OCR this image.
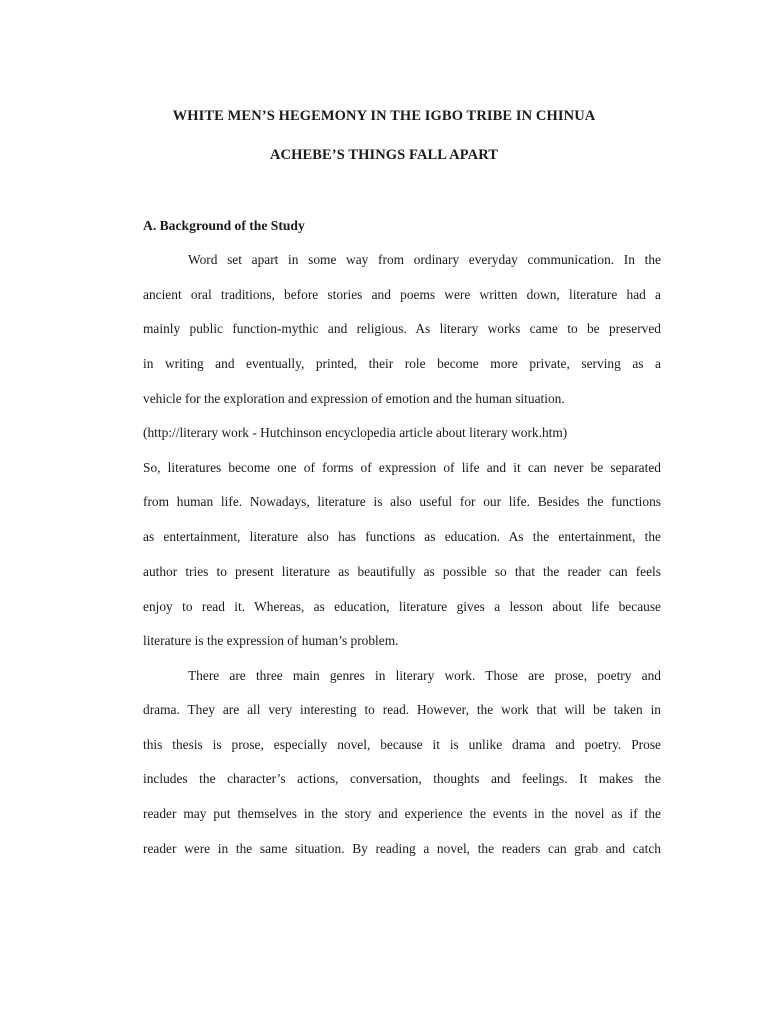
WHITE MEN’S HEGEMONY IN THE IGBO TRIBE IN CHINUA
ACHEBE’S THINGS FALL APART
A. Background of the Study
Word set apart in some way from ordinary everyday communication. In the
ancient oral traditions, before stories and poems were written down, literature had a
mainly public function-mythic and religious. As literary works came to be preserved
in writing and eventually, printed, their role become more private, serving as a
vehicle for the exploration and expression of emotion and the human situation.
(http://literary work - Hutchinson encyclopedia article about literary work.htm)
So, literatures become one of forms of expression of life and it can never be separated
from human life. Nowadays, literature is also useful for our life. Besides the functions
as entertainment, literature also has functions as education. As the entertainment, the
author tries to present literature as beautifully as possible so that the reader can feels
enjoy to read it. Whereas, as education, literature gives a lesson about life because
literature is the expression of human’s problem.
There are three main genres in literary work. Those are prose, poetry and
drama. They are all very interesting to read. However, the work that will be taken in
this thesis is prose, especially novel, because it is unlike drama and poetry. Prose
includes the character’s actions, conversation, thoughts and feelings. It makes the
reader may put themselves in the story and experience the events in the novel as if the
reader were in the same situation. By reading a novel, the readers can grab and catch
